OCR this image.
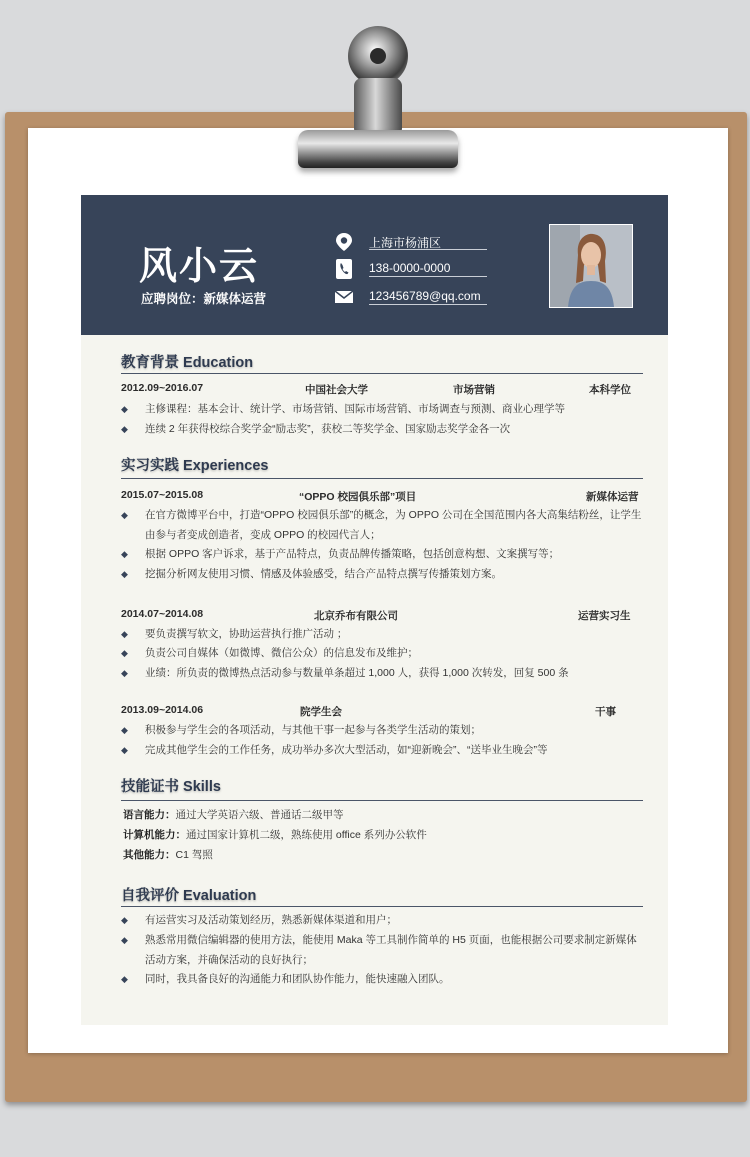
风小云
应聘岗位：新媒体运营
上海市杨浦区
138-0000-0000
123456789@qq.com
教育背景 Education
2012.09~2016.07	中国社会大学	市场营销	本科学位
◆ 主修课程：基本会计、统计学、市场营销、国际市场营销、市场调查与预测、商业心理学等
◆ 连续 2 年获得校综合奖学金“励志奖”，获校二等奖学金、国家励志奖学金各一次
实习实践 Experiences
2015.07~2015.08	“OPPO 校园俱乐部”项目	新媒体运营
◆ 在官方微博平台中，打造“OPPO 校园俱乐部”的概念，为 OPPO 公司在全国范围内各大高集结粉丝，让学生由参与者变成创造者，变成 OPPO 的校园代言人；
◆ 根据 OPPO 客户诉求，基于产品特点，负责品牌传播策略，包括创意构想、文案撰写等；
◆ 挖掘分析网友使用习惯、情感及体验感受，结合产品特点撰写传播策划方案。
2014.07~2014.08	北京乔布有限公司	运营实习生
◆ 要负责撰写软文，协助运营执行推广活动 ；
◆ 负责公司自媒体（如微博、微信公众）的信息发布及维护；
◆ 业绩：所负责的微博热点活动参与数量单条超过 1,000 人，获得 1,000 次转发，回复 500 条
2013.09~2014.06	院学生会	干事
◆ 积极参与学生会的各项活动，与其他干事一起参与各类学生活动的策划；
◆ 完成其他学生会的工作任务，成功举办多次大型活动，如“迎新晚会”、“送毕业生晚会”等
技能证书 Skills
语言能力：通过大学英语六级、普通话二级甲等
计算机能力：通过国家计算机二级，熟练使用 office 系列办公软件
其他能力：C1 驾照
自我评价 Evaluation
◆ 有运营实习及活动策划经历，熟悉新媒体渠道和用户；
◆ 熟悉常用微信编辑器的使用方法，能使用 Maka 等工具制作简单的 H5 页面，也能根据公司要求制定新媒体活动方案，并确保活动的良好执行；
◆ 同时，我具备良好的沟通能力和团队协作能力，能快速融入团队。
